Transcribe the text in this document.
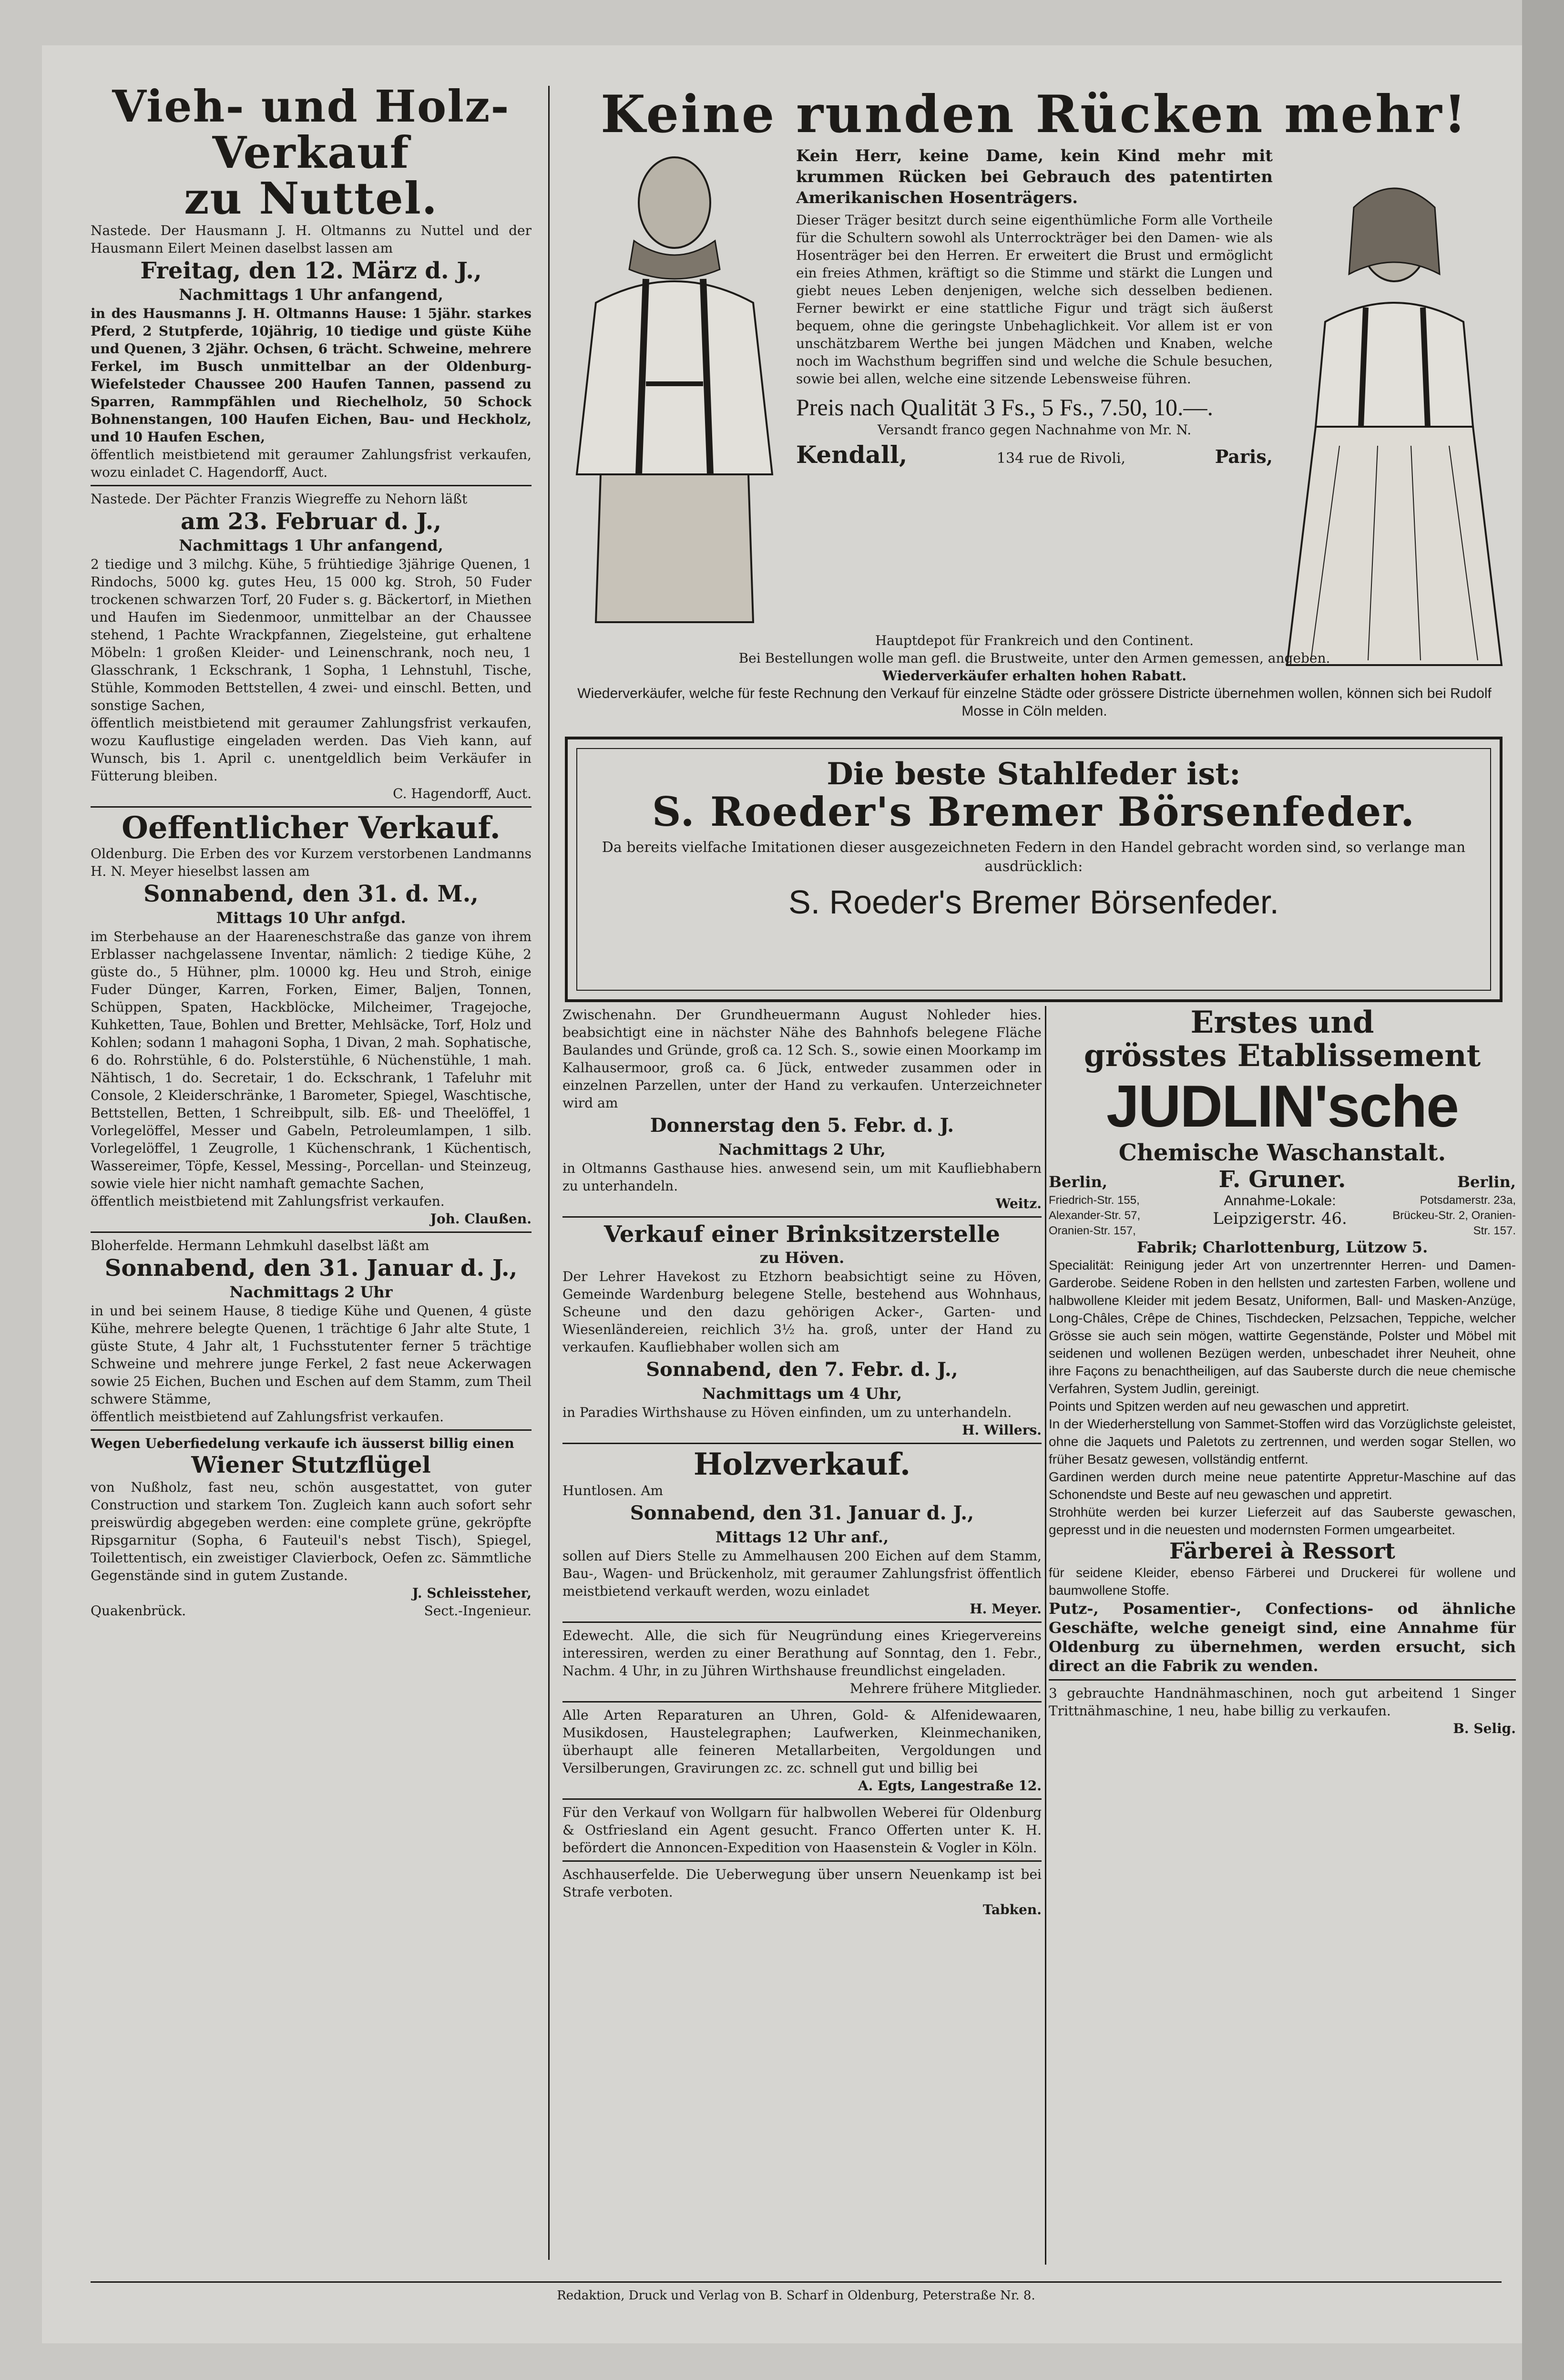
Vieh- und Holz-Verkauf
zu Nuttel.

Nastede. Der Hausmann J. H. Oltmanns zu Nuttel und der Hausmann Eilert Meinen daselbst lassen am

Freitag, den 12. März d. J.,
Nachmittags 1 Uhr anfangend,

in des Hausmanns J. H. Oltmanns Hause: 1 5jähr. starkes Pferd, 2 Stutpferde, 10jährig, 10 tiedige und güste Kühe und Quenen, 3 2jähr. Ochsen, 6 trächt. Schweine, mehrere Ferkel, im Busch unmittelbar an der Oldenburg-Wiefelsteder Chaussee 200 Haufen Tannen, passend zu Sparren, Rammpfählen und Riechelholz, 50 Schock Bohnenstangen, 100 Haufen Eichen, Bau- und Heckholz, und 10 Haufen Eschen,

öffentlich meistbietend mit geraumer Zahlungsfrist verkaufen, wozu einladet C. Hagendorff, Auct.

Nastede. Der Pächter Franzis Wiegreffe zu Nehorn läßt

am 23. Februar d. J.,
Nachmittags 1 Uhr anfangend,

2 tiedige und 3 milchg. Kühe, 5 frühtiedige 3jährige Quenen, 1 Rindochs, 5000 kg. gutes Heu, 15 000 kg. Stroh, 50 Fuder trockenen schwarzen Torf, 20 Fuder s. g. Bäckertorf, in Miethen und Haufen im Siedenmoor, unmittelbar an der Chaussee stehend, 1 Pachte Wrackpfannen, Ziegelsteine, gut erhaltene Möbeln: 1 großen Kleider- und Leinenschrank, noch neu, 1 Glasschrank, 1 Eckschrank, 1 Sopha, 1 Lehnstuhl, Tische, Stühle, Kommoden Bettstellen, 4 zwei- und einschl. Betten, und sonstige Sachen,

öffentlich meistbietend mit geraumer Zahlungsfrist verkaufen, wozu Kauflustige eingeladen werden. Das Vieh kann, auf Wunsch, bis 1. April c. unentgeldlich beim Verkäufer in Fütterung bleiben.

C. Hagendorff, Auct.

Oeffentlicher Verkauf.

Oldenburg. Die Erben des vor Kurzem verstorbenen Landmanns H. N. Meyer hieselbst lassen am

Sonnabend, den 31. d. M.,
Mittags 10 Uhr anfgd.

im Sterbehause an der Haareneschstraße das ganze von ihrem Erblasser nachgelassene Inventar, nämlich: 2 tiedige Kühe, 2 güste do., 5 Hühner, plm. 10000 kg. Heu und Stroh, einige Fuder Dünger, Karren, Forken, Eimer, Baljen, Tonnen, Schüppen, Spaten, Hackblöcke, Milcheimer, Tragejoche, Kuhketten, Taue, Bohlen und Bretter, Mehlsäcke, Torf, Holz und Kohlen; sodann 1 mahagoni Sopha, 1 Divan, 2 mah. Sophatische, 6 do. Rohrstühle, 6 do. Polsterstühle, 6 Nüchenstühle, 1 mah. Nähtisch, 1 do. Secretair, 1 do. Eckschrank, 1 Tafeluhr mit Console, 2 Kleiderschränke, 1 Barometer, Spiegel, Waschtische, Bettstellen, Betten, 1 Schreibpult, silb. Eß- und Theelöffel, 1 Vorlegelöffel, Messer und Gabeln, Petroleumlampen, 1 silb. Vorlegelöffel, 1 Zeugrolle, 1 Küchenschrank, 1 Küchentisch, Wassereimer, Töpfe, Kessel, Messing-, Porcellan- und Steinzeug, sowie viele hier nicht namhaft gemachte Sachen,

öffentlich meistbietend mit Zahlungsfrist verkaufen.

Joh. Claußen.

Bloherfelde. Hermann Lehmkuhl daselbst läßt am

Sonnabend, den 31. Januar d. J.,
Nachmittags 2 Uhr

in und bei seinem Hause, 8 tiedige Kühe und Quenen, 4 güste Kühe, mehrere belegte Quenen, 1 trächtige 6 Jahr alte Stute, 1 güste Stute, 4 Jahr alt, 1 Fuchsstutenter ferner 5 trächtige Schweine und mehrere junge Ferkel, 2 fast neue Ackerwagen sowie 25 Eichen, Buchen und Eschen auf dem Stamm, zum Theil schwere Stämme,

öffentlich meistbietend auf Zahlungsfrist verkaufen.

Wegen Ueberfiedelung verkaufe ich äusserst billig einen

Wiener Stutzflügel

von Nußholz, fast neu, schön ausgestattet, von guter Construction und starkem Ton. Zugleich kann auch sofort sehr preiswürdig abgegeben werden: eine complete grüne, gekröpfte Ripsgarnitur (Sopha, 6 Fauteuil's nebst Tisch), Spiegel, Toilettentisch, ein zweistiger Clavierbock, Oefen zc. Sämmtliche Gegenstände sind in gutem Zustande.

J. Schleissteher,

Quakenbrück.	Sect.-Ingenieur.

Keine runden Rücken mehr!

Kein Herr, keine Dame, kein Kind mehr mit krummen Rücken bei Gebrauch des patentirten Amerikanischen Hosenträgers.

Dieser Träger besitzt durch seine eigenthümliche Form alle Vortheile für die Schultern sowohl als Unterrockträger bei den Damen- wie als Hosenträger bei den Herren. Er erweitert die Brust und ermöglicht ein freies Athmen, kräftigt so die Stimme und stärkt die Lungen und giebt neues Leben denjenigen, welche sich desselben bedienen. Ferner bewirkt er eine stattliche Figur und trägt sich äußerst bequem, ohne die geringste Unbehaglichkeit. Vor allem ist er von unschätzbarem Werthe bei jungen Mädchen und Knaben, welche noch im Wachsthum begriffen sind und welche die Schule besuchen, sowie bei allen, welche eine sitzende Lebensweise führen.

Preis nach Qualität 3 Fs., 5 Fs., 7.50, 10.—.

Versandt franco gegen Nachnahme von Mr. N.

Kendall,	134 rue de Rivoli,	Paris,

Hauptdepot für Frankreich und den Continent.

Bei Bestellungen wolle man gefl. die Brustweite, unter den Armen gemessen, angeben.

Wiederverkäufer erhalten hohen Rabatt.

Wiederverkäufer, welche für feste Rechnung den Verkauf für einzelne Städte oder grössere Districte übernehmen wollen, können sich bei Rudolf Mosse in Cöln melden.

Die beste Stahlfeder ist:
S. Roeder's Bremer Börsenfeder.

Da bereits vielfache Imitationen dieser ausgezeichneten Federn in den Handel gebracht worden sind, so verlange man ausdrücklich:

S. Roeder's Bremer Börsenfeder.

Zwischenahn. Der Grundheuermann August Nohleder hies. beabsichtigt eine in nächster Nähe des Bahnhofs belegene Fläche Baulandes und Gründe, groß ca. 12 Sch. S., sowie einen Moorkamp im Kalhausermoor, groß ca. 6 Jück, entweder zusammen oder in einzelnen Parzellen, unter der Hand zu verkaufen. Unterzeichneter wird am

Donnerstag den 5. Febr. d. J.
Nachmittags 2 Uhr,

in Oltmanns Gasthause hies. anwesend sein, um mit Kaufliebhabern zu unterhandeln.

Weitz.

Verkauf einer Brinksitzerstelle
zu Höven.

Der Lehrer Havekost zu Etzhorn beabsichtigt seine zu Höven, Gemeinde Wardenburg belegene Stelle, bestehend aus Wohnhaus, Scheune und den dazu gehörigen Acker-, Garten- und Wiesenländereien, reichlich 3½ ha. groß, unter der Hand zu verkaufen. Kaufliebhaber wollen sich am

Sonnabend, den 7. Febr. d. J.,
Nachmittags um 4 Uhr,

in Paradies Wirthshause zu Höven einfinden, um zu unterhandeln.

H. Willers.

Holzverkauf.

Huntlosen. Am

Sonnabend, den 31. Januar d. J.,
Mittags 12 Uhr anf.,

sollen auf Diers Stelle zu Ammelhausen 200 Eichen auf dem Stamm, Bau-, Wagen- und Brückenholz, mit geraumer Zahlungsfrist öffentlich meistbietend verkauft werden, wozu einladet

H. Meyer.

Edewecht. Alle, die sich für Neugründung eines Kriegervereins interessiren, werden zu einer Berathung auf Sonntag, den 1. Febr., Nachm. 4 Uhr, in zu Jühren Wirthshause freundlichst eingeladen.

Mehrere frühere Mitglieder.

Alle Arten Reparaturen an Uhren, Gold- & Alfenidewaaren, Musikdosen, Haustelegraphen; Laufwerken, Kleinmechaniken, überhaupt alle feineren Metallarbeiten, Vergoldungen und Versilberungen, Gravirungen zc. zc. schnell gut und billig bei

A. Egts, Langestraße 12.

Für den Verkauf von Wollgarn für halbwollen Weberei für Oldenburg & Ostfriesland ein Agent gesucht. Franco Offerten unter K. H. befördert die Annoncen-Expedition von Haasenstein & Vogler in Köln.

Aschhauserfelde. Die Ueberwegung über unsern Neuenkamp ist bei Strafe verboten.

Tabken.

Erstes und
grösstes Etablissement
JUDLIN'sche
Chemische Waschanstalt.
Berlin,	F. Gruner.	Berlin,
Friedrich-Str. 155, Alexander-Str. 57, Oranien-Str. 157,
Annahme-Lokale:
Leipzigerstr. 46.
Potsdamerstr. 23a, Brückeu-Str. 2, Oranien-Str. 157.

Fabrik; Charlottenburg, Lützow 5.

Specialität: Reinigung jeder Art von unzertrennter Herren- und Damen-Garderobe. Seidene Roben in den hellsten und zartesten Farben, wollene und halbwollene Kleider mit jedem Besatz, Uniformen, Ball- und Masken-Anzüge, Long-Châles, Crêpe de Chines, Tischdecken, Pelzsachen, Teppiche, welcher Grösse sie auch sein mögen, wattirte Gegenstände, Polster und Möbel mit seidenen und wollenen Bezügen werden, unbeschadet ihrer Neuheit, ohne ihre Façons zu benachtheiligen, auf das Sauberste durch die neue chemische Verfahren, System Judlin, gereinigt.

Points und Spitzen werden auf neu gewaschen und appretirt.

In der Wiederherstellung von Sammet-Stoffen wird das Vorzüglichste geleistet, ohne die Jaquets und Paletots zu zertrennen, und werden sogar Stellen, wo früher Besatz gewesen, vollständig entfernt.

Gardinen werden durch meine neue patentirte Appretur-Maschine auf das Schonendste und Beste auf neu gewaschen und appretirt.

Strohhüte werden bei kurzer Lieferzeit auf das Sauberste gewaschen, gepresst und in die neuesten und modernsten Formen umgearbeitet.

Färberei à Ressort

für seidene Kleider, ebenso Färberei und Druckerei für wollene und baumwollene Stoffe.

Putz-, Posamentier-, Confections- od ähnliche Geschäfte, welche geneigt sind, eine Annahme für Oldenburg zu übernehmen, werden ersucht, sich direct an die Fabrik zu wenden.

3 gebrauchte Handnähmaschinen, noch gut arbeitend 1 Singer Trittnähmaschine, 1 neu, habe billig zu verkaufen.

B. Selig.

Redaktion, Druck und Verlag von B. Scharf in Oldenburg, Peterstraße Nr. 8.
